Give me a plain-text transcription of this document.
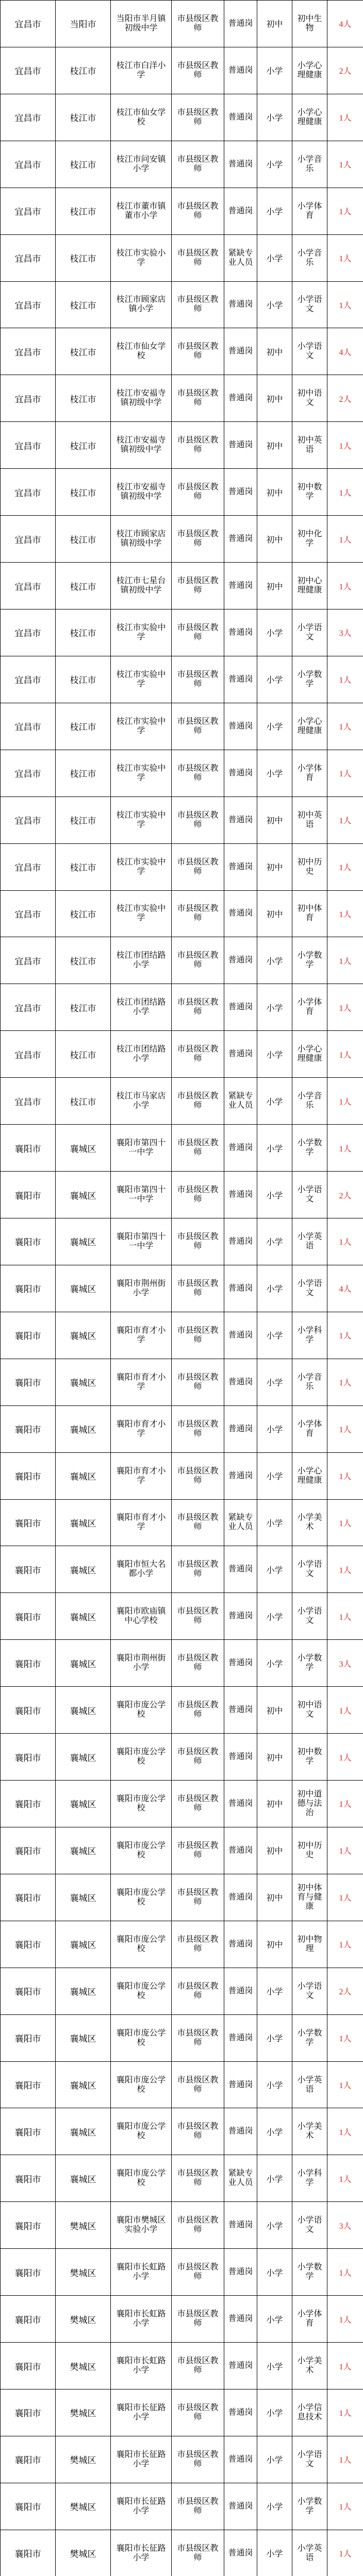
宜昌市	当阳市	当阳市半月镇初级中学	市县级区教师	普通岗	初中	初中生物	4人
宜昌市	枝江市	枝江市白洋小学	市县级区教师	普通岗	小学	小学心理健康	2人
宜昌市	枝江市	枝江市仙女学校	市县级区教师	普通岗	小学	小学心理健康	1人
宜昌市	枝江市	枝江市问安镇小学	市县级区教师	普通岗	小学	小学音乐	1人
宜昌市	枝江市	枝江市董市镇董市小学	市县级区教师	普通岗	小学	小学体育	1人
宜昌市	枝江市	枝江市实验小学	市县级区教师	紧缺专业人员	小学	小学音乐	1人
宜昌市	枝江市	枝江市顾家店镇小学	市县级区教师	普通岗	小学	小学语文	1人
宜昌市	枝江市	枝江市仙女学校	市县级区教师	普通岗	初中	小学语文	4人
宜昌市	枝江市	枝江市安福寺镇初级中学	市县级区教师	普通岗	初中	初中语文	2人
宜昌市	枝江市	枝江市安福寺镇初级中学	市县级区教师	普通岗	初中	初中英语	1人
宜昌市	枝江市	枝江市安福寺镇初级中学	市县级区教师	普通岗	初中	初中数学	1人
宜昌市	枝江市	枝江市顾家店镇初级中学	市县级区教师	普通岗	初中	初中化学	1人
宜昌市	枝江市	枝江市七星台镇初级中学	市县级区教师	普通岗	初中	初中心理健康	1人
宜昌市	枝江市	枝江市实验中学	市县级区教师	普通岗	小学	小学语文	3人
宜昌市	枝江市	枝江市实验中学	市县级区教师	普通岗	小学	小学数学	1人
宜昌市	枝江市	枝江市实验中学	市县级区教师	普通岗	小学	小学心理健康	1人
宜昌市	枝江市	枝江市实验中学	市县级区教师	普通岗	小学	小学体育	1人
宜昌市	枝江市	枝江市实验中学	市县级区教师	普通岗	初中	初中英语	1人
宜昌市	枝江市	枝江市实验中学	市县级区教师	普通岗	初中	初中历史	1人
宜昌市	枝江市	枝江市实验中学	市县级区教师	普通岗	初中	初中体育	1人
宜昌市	枝江市	枝江市团结路小学	市县级区教师	普通岗	小学	小学数学	1人
宜昌市	枝江市	枝江市团结路小学	市县级区教师	普通岗	小学	小学体育	1人
宜昌市	枝江市	枝江市团结路小学	市县级区教师	普通岗	小学	小学心理健康	1人
宜昌市	枝江市	枝江市马家店小学	市县级区教师	紧缺专业人员	小学	小学音乐	1人
襄阳市	襄城区	襄阳市第四十一中学	市县级区教师	普通岗	小学	小学数学	1人
襄阳市	襄城区	襄阳市第四十一中学	市县级区教师	普通岗	小学	小学语文	2人
襄阳市	襄城区	襄阳市第四十一中学	市县级区教师	普通岗	小学	小学英语	1人
襄阳市	襄城区	襄阳市荆州街小学	市县级区教师	普通岗	小学	小学语文	4人
襄阳市	襄城区	襄阳市育才小学	市县级区教师	普通岗	小学	小学科学	1人
襄阳市	襄城区	襄阳市育才小学	市县级区教师	普通岗	小学	小学音乐	1人
襄阳市	襄城区	襄阳市育才小学	市县级区教师	普通岗	小学	小学体育	1人
襄阳市	襄城区	襄阳市育才小学	市县级区教师	普通岗	小学	小学心理健康	1人
襄阳市	襄城区	襄阳市育才小学	市县级区教师	紧缺专业人员	小学	小学美术	1人
襄阳市	襄城区	襄阳市恒大名都小学	市县级区教师	普通岗	小学	小学语文	1人
襄阳市	襄城区	襄阳市欧庙镇中心学校	市县级区教师	普通岗	小学	小学语文	1人
襄阳市	襄城区	襄阳市荆州街小学	市县级区教师	普通岗	小学	小学数学	3人
襄阳市	襄城区	襄阳市庞公学校	市县级区教师	普通岗	初中	初中语文	1人
襄阳市	襄城区	襄阳市庞公学校	市县级区教师	普通岗	初中	初中数学	1人
襄阳市	襄城区	襄阳市庞公学校	市县级区教师	普通岗	初中	初中道德与法治	1人
襄阳市	襄城区	襄阳市庞公学校	市县级区教师	普通岗	初中	初中历史	1人
襄阳市	襄城区	襄阳市庞公学校	市县级区教师	普通岗	初中	初中体育与健康	1人
襄阳市	襄城区	襄阳市庞公学校	市县级区教师	普通岗	初中	初中物理	1人
襄阳市	襄城区	襄阳市庞公学校	市县级区教师	普通岗	小学	小学语文	2人
襄阳市	襄城区	襄阳市庞公学校	市县级区教师	普通岗	小学	小学数学	1人
襄阳市	襄城区	襄阳市庞公学校	市县级区教师	普通岗	小学	小学英语	1人
襄阳市	襄城区	襄阳市庞公学校	市县级区教师	普通岗	小学	小学美术	1人
襄阳市	襄城区	襄阳市庞公学校	市县级区教师	紧缺专业人员	小学	小学科学	1人
襄阳市	樊城区	襄阳市樊城区实验小学	市县级区教师	普通岗	小学	小学语文	3人
襄阳市	樊城区	襄阳市长虹路小学	市县级区教师	普通岗	小学	小学数学	1人
襄阳市	樊城区	襄阳市长虹路小学	市县级区教师	普通岗	小学	小学体育	1人
襄阳市	樊城区	襄阳市长虹路小学	市县级区教师	普通岗	小学	小学美术	1人
襄阳市	樊城区	襄阳市长征路小学	市县级区教师	普通岗	小学	小学信息技术	1人
襄阳市	樊城区	襄阳市长征路小学	市县级区教师	普通岗	小学	小学语文	1人
襄阳市	樊城区	襄阳市长征路小学	市县级区教师	普通岗	小学	小学数学	1人
襄阳市	樊城区	襄阳市长征路小学	市县级区教师	普通岗	小学	小学英语	1人
